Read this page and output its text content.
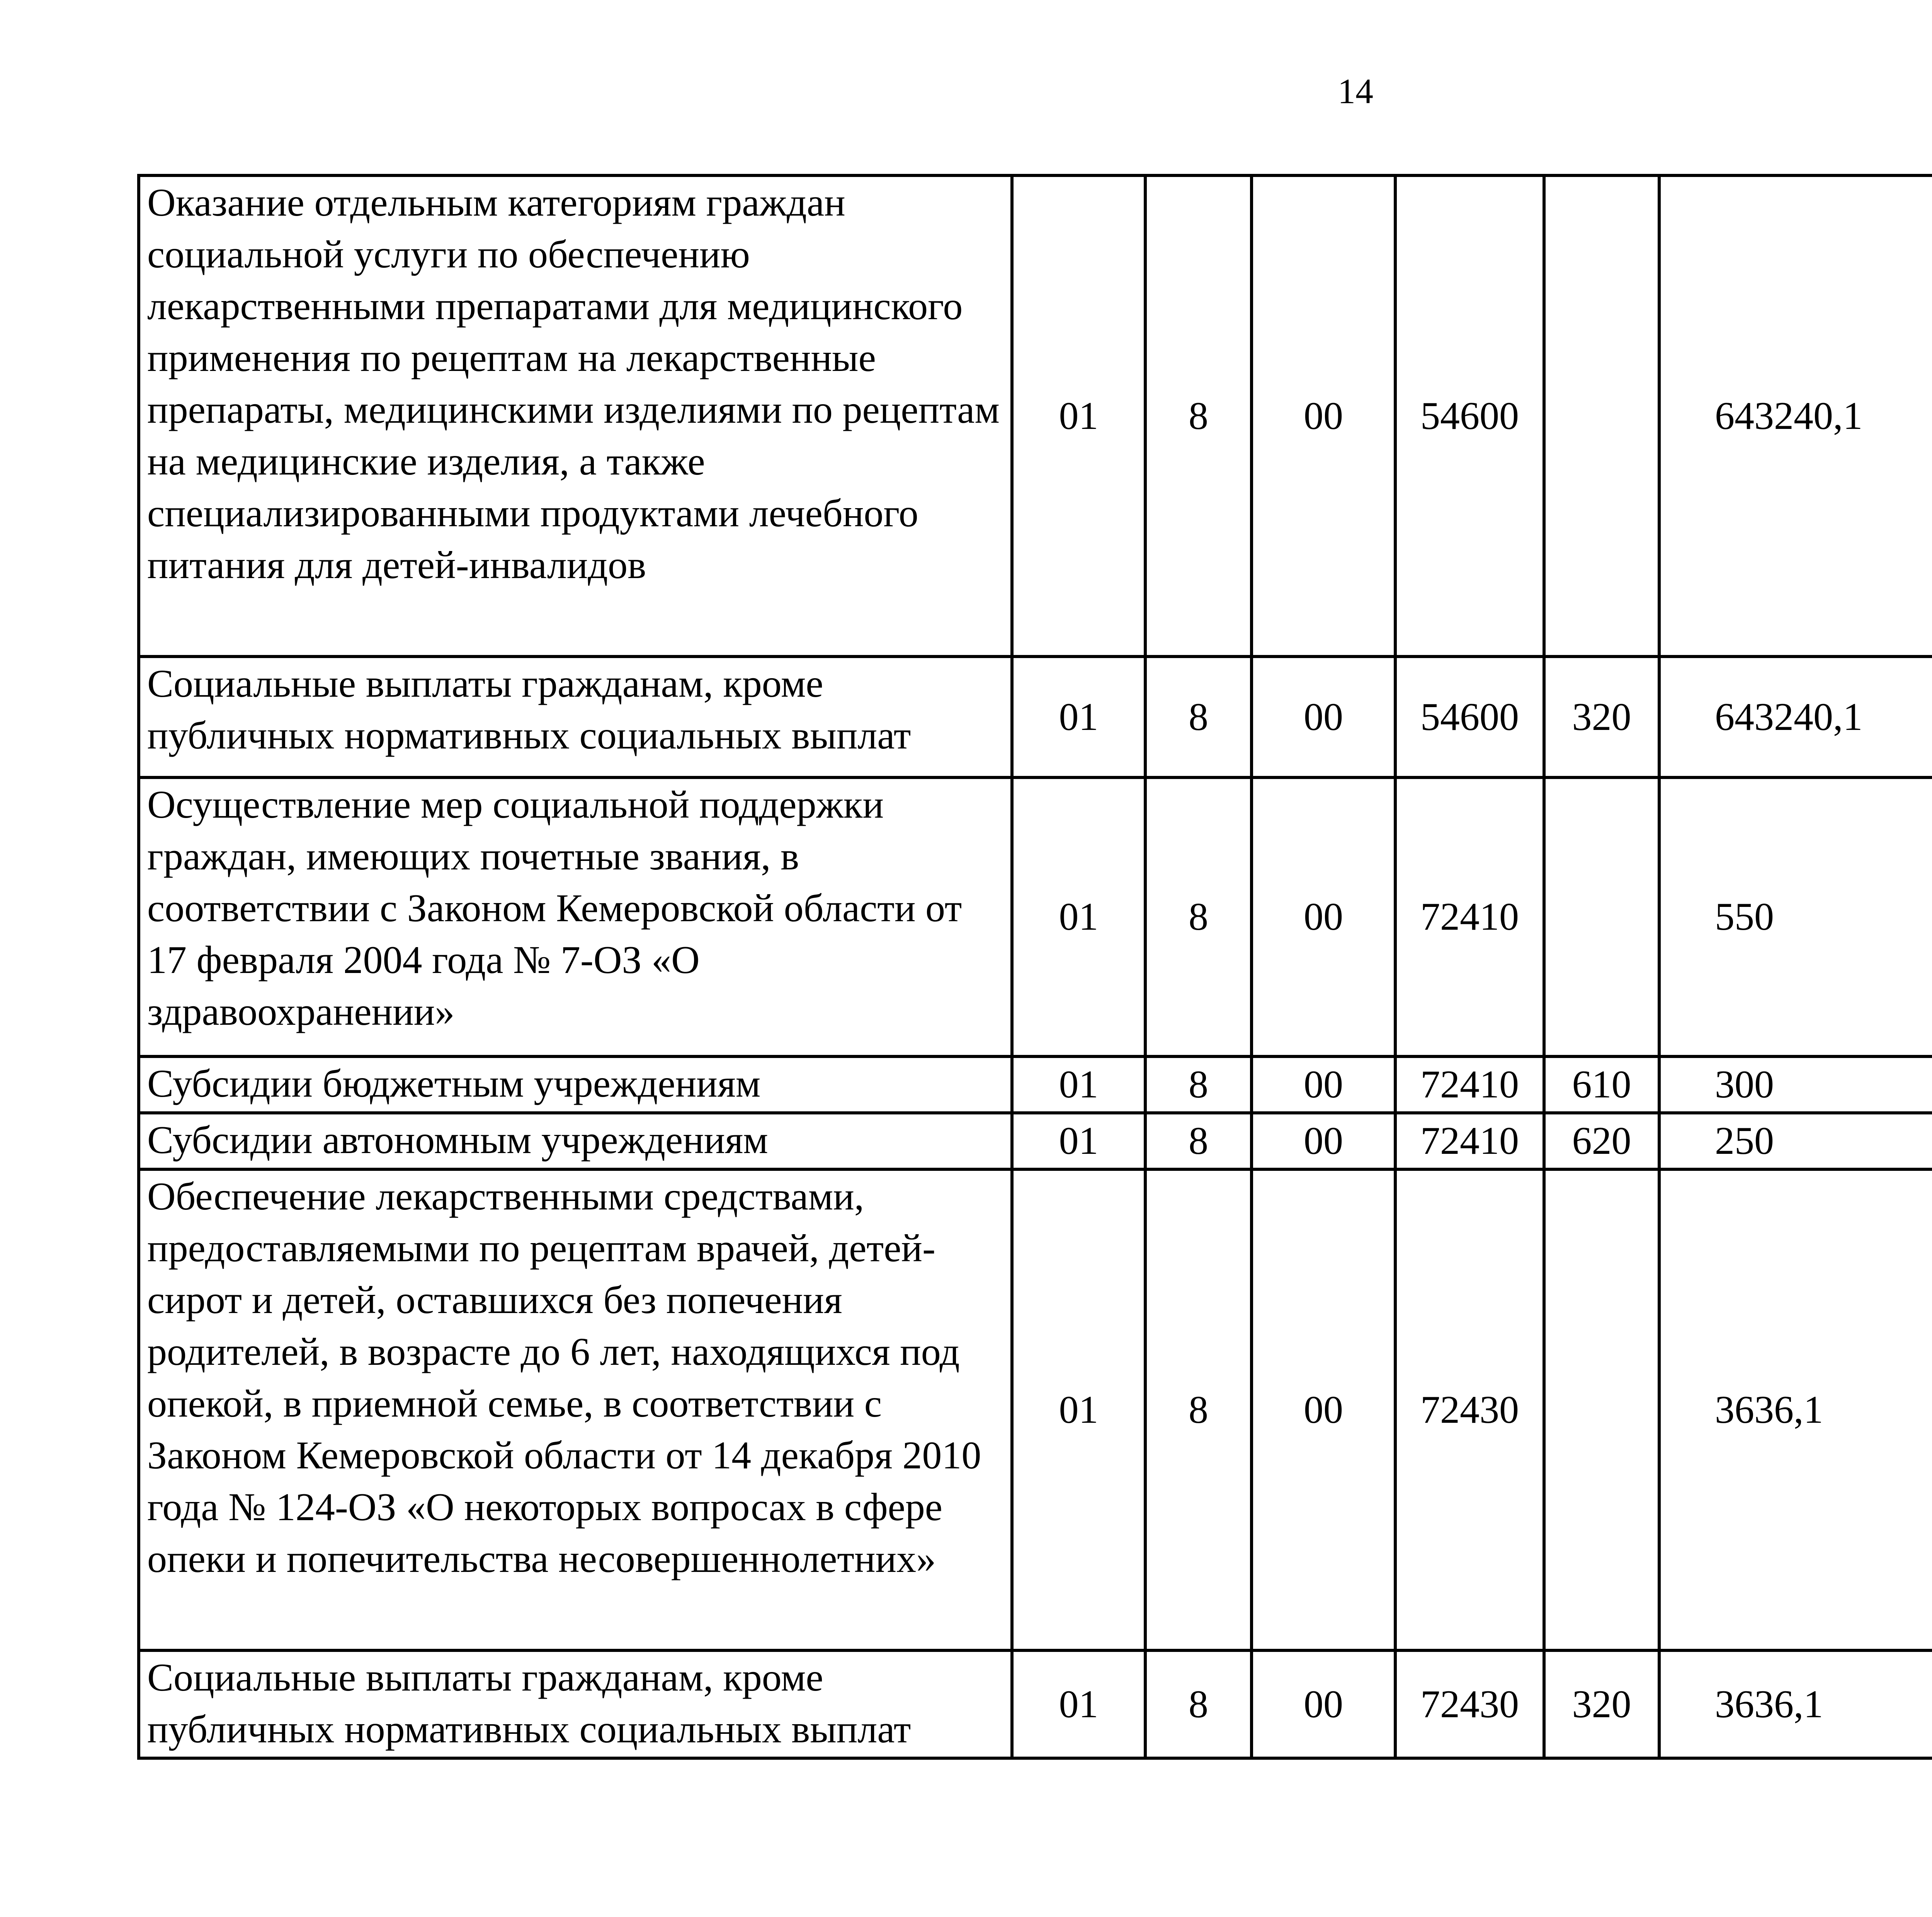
14
Оказание отдельным категориям граждан социальной услуги по обеспечению лекарственными препаратами для медицинского применения по рецептам на лекарственные препараты, медицинскими изделиями по рецептам на медицинские изделия, а также специализированными продуктами лечебного питания для детей-инвалидов	01	8	00	54600		643240,1		
Социальные выплаты гражданам, кроме публичных нормативных социальных выплат	01	8	00	54600	320	643240,1		
Осуществление мер социальной поддержки граждан, имеющих почетные звания, в соответствии с Законом Кемеровской области от 17 февраля 2004 года № 7-ОЗ «О здравоохранении»	01	8	00	72410		550		
Субсидии бюджетным учреждениям	01	8	00	72410	610	300		
Субсидии автономным учреждениям	01	8	00	72410	620	250		
Обеспечение лекарственными средствами, предоставляемыми по рецептам врачей, детей-сирот и детей, оставшихся без попечения родителей, в возрасте до 6 лет, находящихся под опекой, в приемной семье, в соответствии с Законом Кемеровской области от 14 декабря 2010 года № 124-ОЗ «О некоторых вопросах в сфере опеки и попечительства несовершеннолетних»	01	8	00	72430		3636,1		
Социальные выплаты гражданам, кроме публичных нормативных социальных выплат	01	8	00	72430	320	3636,1		
